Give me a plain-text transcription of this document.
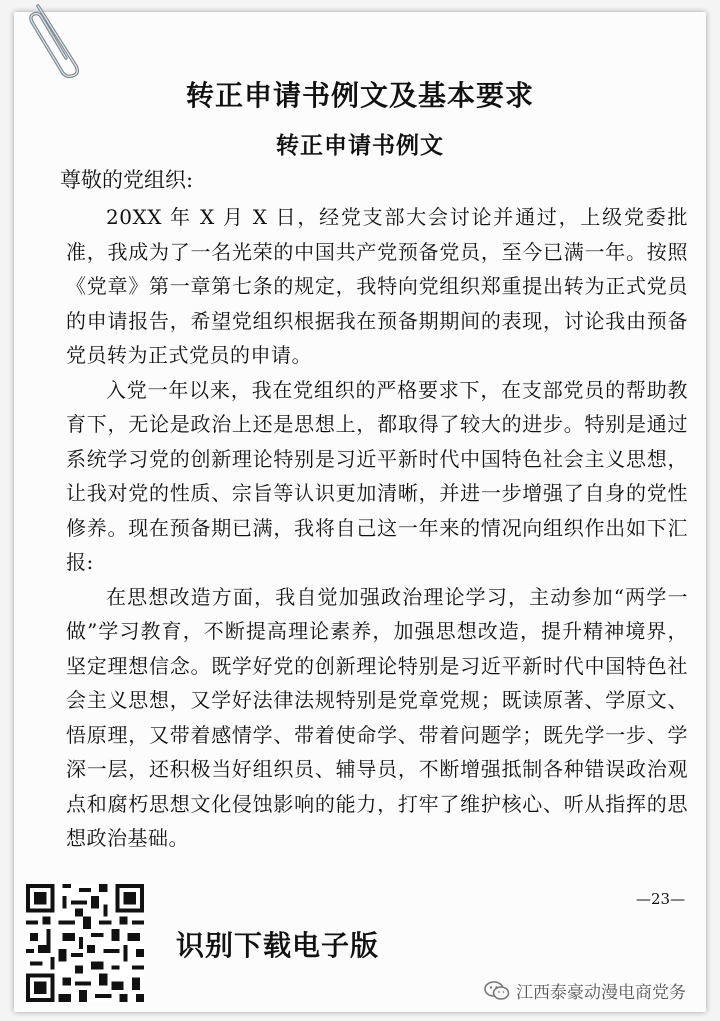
转正申请书例文及基本要求
转正申请书例文
尊敬的党组织:

20XX 年 X 月 X 日，经党支部大会讨论并通过，上级党委批准，我成为了一名光荣的中国共产党预备党员，至今已满一年。按照《党章》第一章第七条的规定，我特向党组织郑重提出转为正式党员的申请报告，希望党组织根据我在预备期期间的表现，讨论我由预备党员转为正式党员的申请。

入党一年以来，我在党组织的严格要求下，在支部党员的帮助教育下，无论是政治上还是思想上，都取得了较大的进步。特别是通过系统学习党的创新理论特别是习近平新时代中国特色社会主义思想，让我对党的性质、宗旨等认识更加清晰，并进一步增强了自身的党性修养。现在预备期已满，我将自己这一年来的情况向组织作出如下汇报:

在思想改造方面，我自觉加强政治理论学习，主动参加“两学一做”学习教育，不断提高理论素养，加强思想改造，提升精神境界，坚定理想信念。既学好党的创新理论特别是习近平新时代中国特色社会主义思想，又学好法律法规特别是党章党规；既读原著、学原文、悟原理，又带着感情学、带着使命学、带着问题学；既先学一步、学深一层，还积极当好组织员、辅导员，不断增强抵制各种错误政治观点和腐朽思想文化侵蚀影响的能力，打牢了维护核心、听从指挥的思想政治基础。

—23—
识别下载电子版
江西泰豪动漫电商党务
